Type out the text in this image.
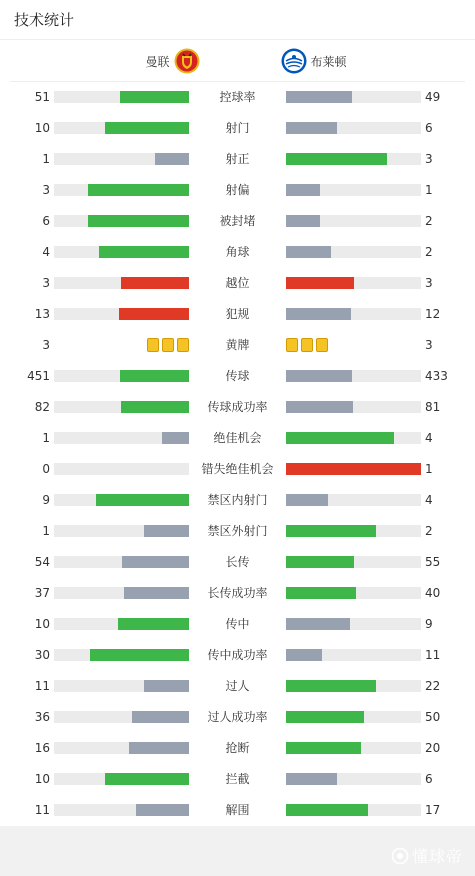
技术统计
曼联	布莱顿
51	控球率	49
10	射门	6
1	射正	3
3	射偏	1
6	被封堵	2
4	角球	2
3	越位	3
13	犯规	12
3	黄牌	3
451	传球	433
82	传球成功率	81
1	绝佳机会	4
0	错失绝佳机会	1
9	禁区内射门	4
1	禁区外射门	2
54	长传	55
37	长传成功率	40
10	传中	9
30	传中成功率	11
11	过人	22
36	过人成功率	50
16	抢断	20
10	拦截	6
11	解围	17
懂球帝
